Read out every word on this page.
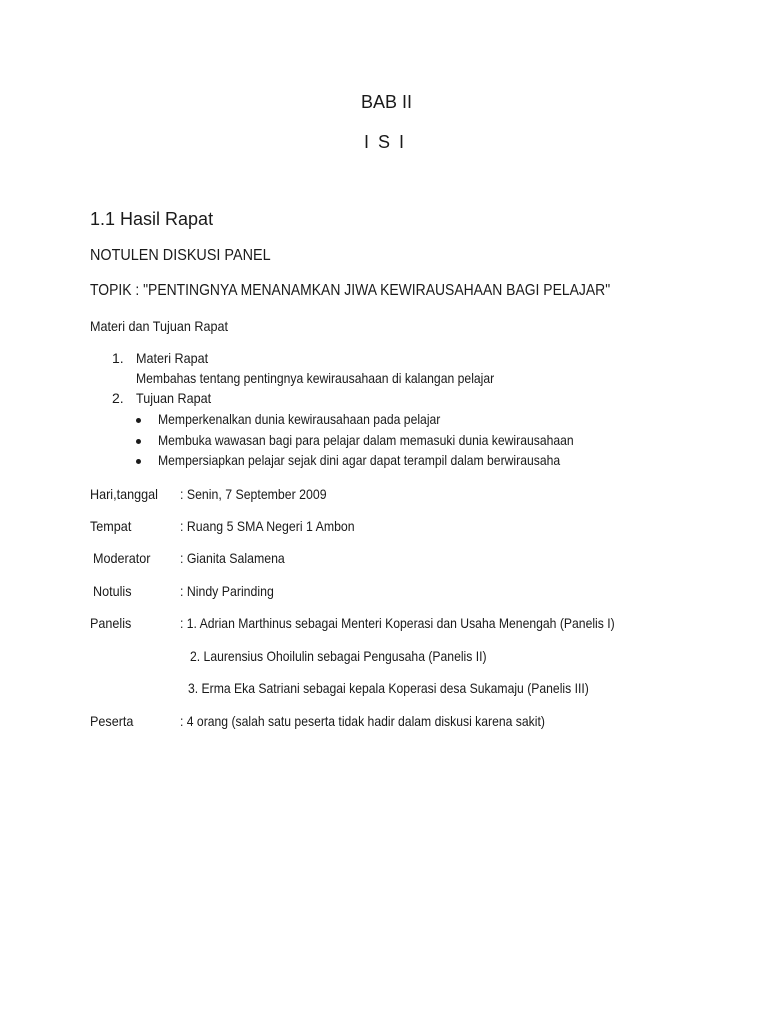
BAB II
I S I
1.1 Hasil Rapat
NOTULEN DISKUSI PANEL
TOPIK : "PENTINGNYA MENANAMKAN JIWA KEWIRAUSAHAAN BAGI PELAJAR"
Materi dan Tujuan Rapat
1. Materi Rapat
Membahas tentang pentingnya kewirausahaan di kalangan pelajar
2. Tujuan Rapat
Memperkenalkan dunia kewirausahaan pada pelajar
Membuka wawasan bagi para pelajar dalam memasuki dunia kewirausahaan
Mempersiapkan pelajar sejak dini agar dapat terampil dalam berwirausaha
Hari,tanggal : Senin, 7 September 2009
Tempat	: Ruang 5 SMA Negeri 1 Ambon
Moderator : Gianita Salamena
Notulis	: Nindy Parinding
Panelis	: 1. Adrian Marthinus sebagai Menteri Koperasi dan Usaha Menengah (Panelis I)
2. Laurensius Ohoilulin sebagai Pengusaha (Panelis II)
3. Erma Eka Satriani sebagai kepala Koperasi desa Sukamaju (Panelis III)
Peserta	: 4 orang (salah satu peserta tidak hadir dalam diskusi karena sakit)
